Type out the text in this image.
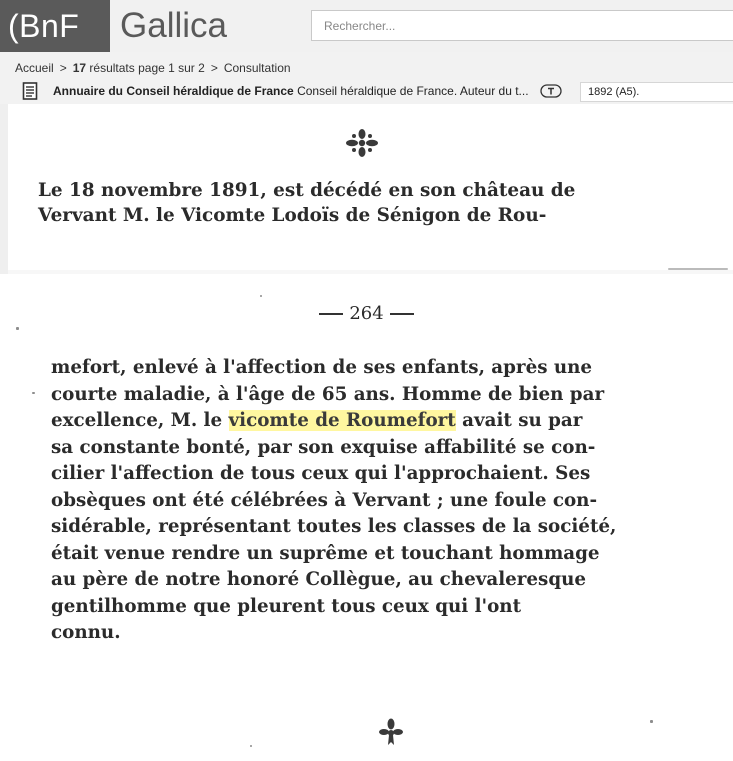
(BnF	Gallica
Rechercher...
Accueil > 17 résultats page 1 sur 2 > Consultation
Annuaire du Conseil héraldique de France Conseil héraldique de France. Auteur du t...	1892 (A5).
Le 18 novembre 1891, est décédé en son château de
Vervant M. le Vicomte Lodoïs de Sénigon de Rou-
264
mefort, enlevé à l'affection de ses enfants, après une
courte maladie, à l'âge de 65 ans. Homme de bien par
excellence, M. le vicomte de Roumefort avait su par
sa constante bonté, par son exquise affabilité se con-
cilier l'affection de tous ceux qui l'approchaient. Ses
obsèques ont été célébrées à Vervant ; une foule con-
sidérable, représentant toutes les classes de la société,
était venue rendre un suprême et touchant hommage
au père de notre honoré Collègue, au chevaleresque
gentilhomme que pleurent tous ceux qui l'ont
connu.
